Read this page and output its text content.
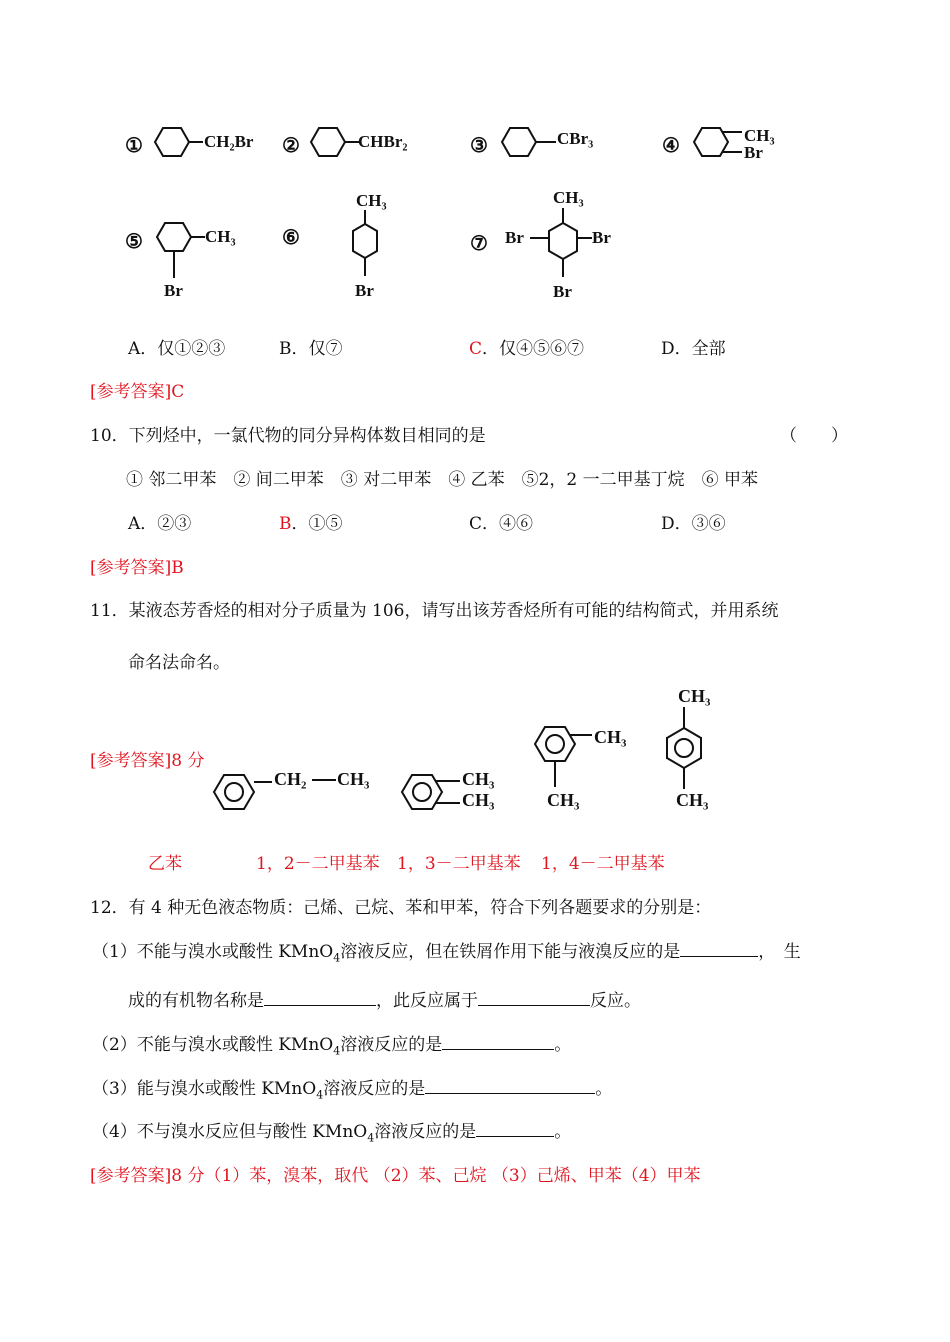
①	CH₂Br ②	CHBr₂	③	CBr₃	④	CH₃
Br
⑤	CH₃
Br
⑥
CH₃
Br
⑦
CH₃
Br	Br
Br
A．仅①②③	B．仅⑦	C．仅④⑤⑥⑦	D．全部
[参考答案]C
10．下列烃中，一氯代物的同分异构体数目相同的是	（　　）
① 邻二甲苯　② 间二甲苯　③ 对二甲苯　④ 乙苯　⑤2，2 一二甲基丁烷　⑥ 甲苯
A．②③	B．①⑤	C．④⑥	D．③⑥
[参考答案]B
11．某液态芳香烃的相对分子质量为 106，请写出该芳香烃所有可能的结构简式，并用系统
命名法命名。
[参考答案]8 分
CH₂ CH₃	CH₃
CH₃
CH₃
CH₃
CH₃
CH₃
乙苯	1，2－二甲基苯 1，3－二甲基苯 1，4－二甲基苯
12．有 4 种无色液态物质：己烯、己烷、苯和甲苯，符合下列各题要求的分别是：
（1）不能与溴水或酸性 KMnO$_4$溶液反应，但在铁屑作用下能与液溴反应的是	，　生
成的有机物名称是	，此反应属于	反应。
（2）不能与溴水或酸性 KMnO$_4$溶液反应的是	。
（3）能与溴水或酸性 KMnO$_4$溶液反应的是	。
（4）不与溴水反应但与酸性 KMnO$_4$溶液反应的是	。
[参考答案]8 分（1）苯，溴苯，取代 （2）苯、己烷 （3）己烯、甲苯（4）甲苯
